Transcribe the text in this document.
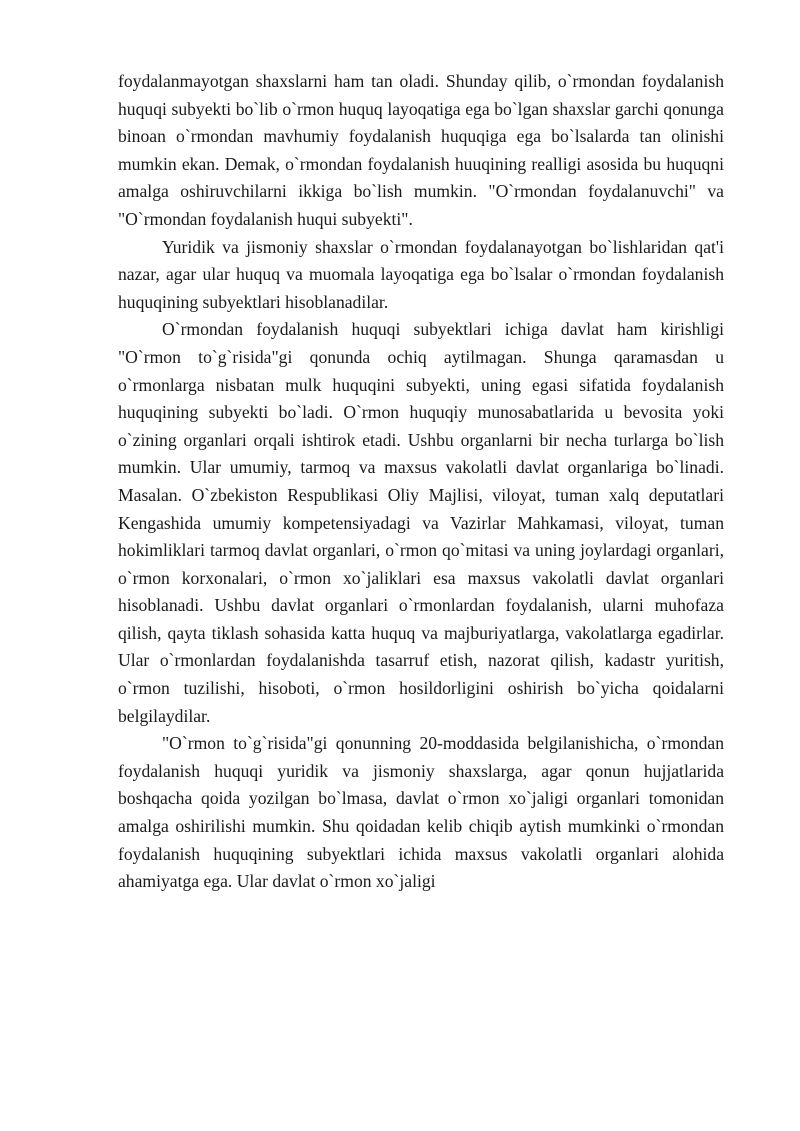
foydalanmayotgan shaxslarni ham tan oladi. Shunday qilib, o`rmondan foydalanish huquqi subyekti bo`lib o`rmon huquq layoqatiga ega bo`lgan shaxslar garchi qonunga binoan o`rmondan mavhumiy foydalanish huquqiga ega bo`lsalarda tan olinishi mumkin ekan. Demak, o`rmondan foydalanish huuqining realligi asosida bu huquqni amalga oshiruvchilarni ikkiga bo`lish mumkin. "O`rmondan foydalanuvchi" va "O`rmondan foydalanish huqui subyekti".

Yuridik va jismoniy shaxslar o`rmondan foydalanayotgan bo`lishlaridan qat'i nazar, agar ular huquq va muomala layoqatiga ega bo`lsalar o`rmondan foydalanish huquqining subyektlari hisoblanadilar.

O`rmondan foydalanish huquqi subyektlari ichiga davlat ham kirishligi "O`rmon to`g`risida"gi qonunda ochiq aytilmagan. Shunga qaramasdan u o`rmonlarga nisbatan mulk huquqini subyekti, uning egasi sifatida foydalanish huquqining subyekti bo`ladi. O`rmon huquqiy munosabatlarida u bevosita yoki o`zining organlari orqali ishtirok etadi. Ushbu organlarni bir necha turlarga bo`lish mumkin. Ular umumiy, tarmoq va maxsus vakolatli davlat organlariga bo`linadi. Masalan. O`zbekiston Respublikasi Oliy Majlisi, viloyat, tuman xalq deputatlari Kengashida umumiy kompetensiyadagi va Vazirlar Mahkamasi, viloyat, tuman hokimliklari tarmoq davlat organlari, o`rmon qo`mitasi va uning joylardagi organlari, o`rmon korxonalari, o`rmon xo`jaliklari esa maxsus vakolatli davlat organlari hisoblanadi. Ushbu davlat organlari o`rmonlardan foydalanish, ularni muhofaza qilish, qayta tiklash sohasida katta huquq va majburiyatlarga, vakolatlarga egadirlar. Ular o`rmonlardan foydalanishda tasarruf etish, nazorat qilish, kadastr yuritish, o`rmon tuzilishi, hisoboti, o`rmon hosildorligini oshirish bo`yicha qoidalarni belgilaydilar.

"O`rmon to`g`risida"gi qonunning 20-moddasida belgilanishicha, o`rmondan foydalanish huquqi yuridik va jismoniy shaxslarga, agar qonun hujjatlarida boshqacha qoida yozilgan bo`lmasa, davlat o`rmon xo`jaligi organlari tomonidan amalga oshirilishi mumkin. Shu qoidadan kelib chiqib aytish mumkinki o`rmondan foydalanish huquqining subyektlari ichida maxsus vakolatli organlari alohida ahamiyatga ega. Ular davlat o`rmon xo`jaligi
